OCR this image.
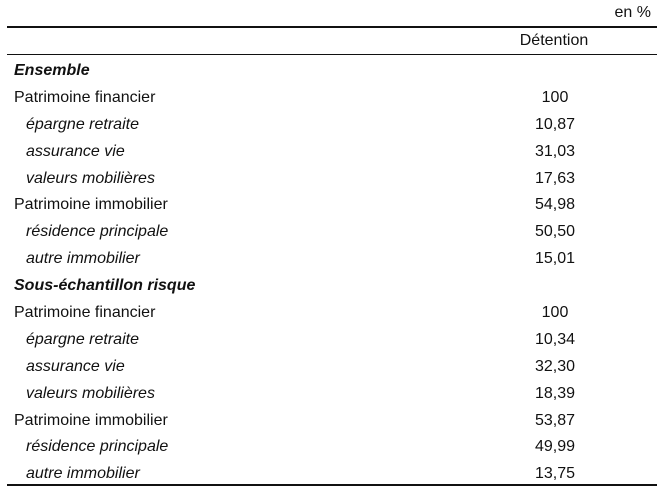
en %
Détention
Ensemble
Patrimoine financier	100
épargne retraite	10,87
assurance vie	31,03
valeurs mobilières	17,63
Patrimoine immobilier	54,98
résidence principale	50,50
autre immobilier	15,01
Sous-échantillon risque
Patrimoine financier	100
épargne retraite	10,34
assurance vie	32,30
valeurs mobilières	18,39
Patrimoine immobilier	53,87
résidence principale	49,99
autre immobilier	13,75
